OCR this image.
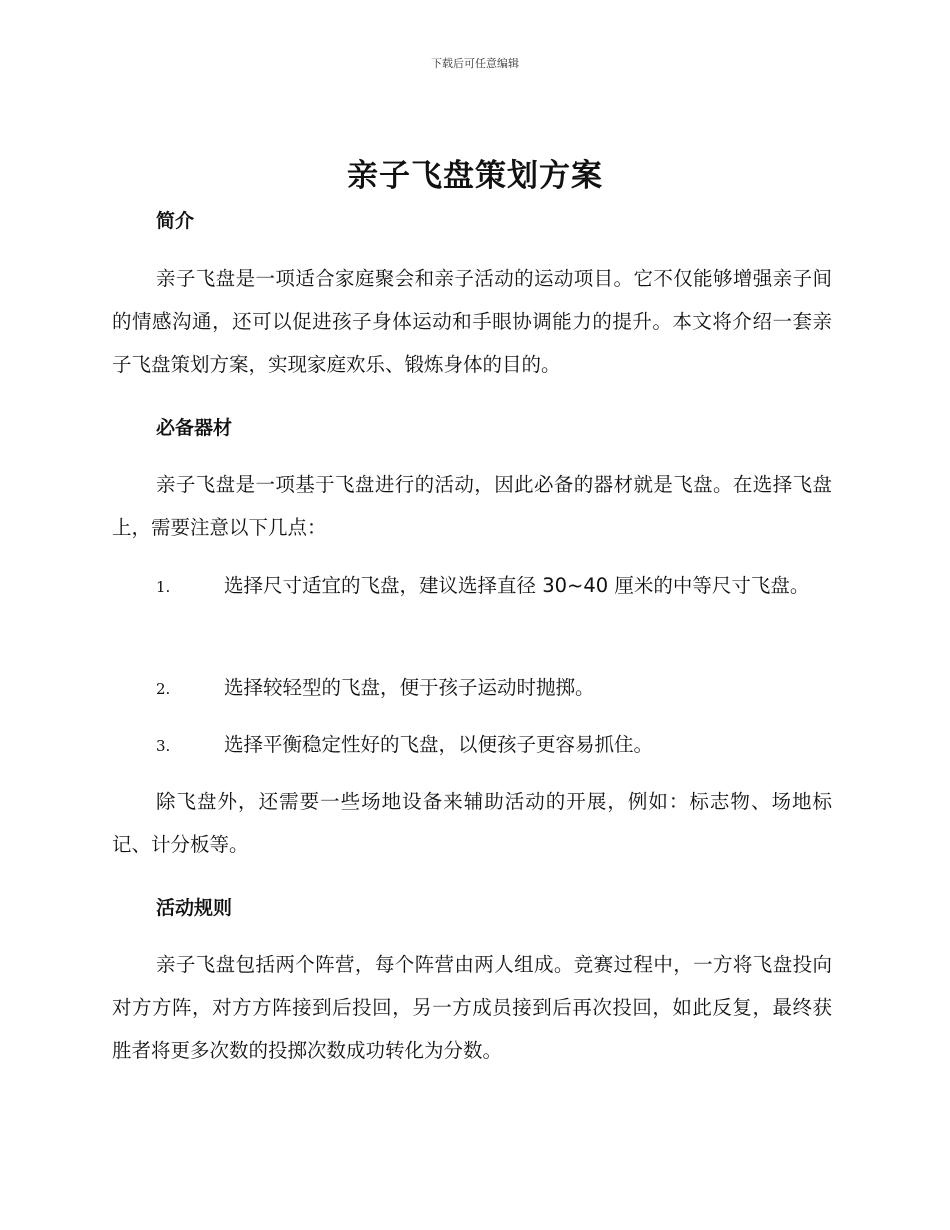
下载后可任意编辑
亲子飞盘策划方案
简介

亲子飞盘是一项适合家庭聚会和亲子活动的运动项目。它不仅能够增强亲子间的情感沟通，还可以促进孩子身体运动和手眼协调能力的提升。本文将介绍一套亲子飞盘策划方案，实现家庭欢乐、锻炼身体的目的。

必备器材

亲子飞盘是一项基于飞盘进行的活动，因此必备的器材就是飞盘。在选择飞盘上，需要注意以下几点：

1.	选择尺寸适宜的飞盘，建议选择直径 30~40 厘米的中等尺寸飞盘。
2.	选择较轻型的飞盘，便于孩子运动时抛掷。
3.	选择平衡稳定性好的飞盘，以便孩子更容易抓住。

除飞盘外，还需要一些场地设备来辅助活动的开展，例如：标志物、场地标记、计分板等。

活动规则

亲子飞盘包括两个阵营，每个阵营由两人组成。竞赛过程中，一方将飞盘投向对方方阵，对方方阵接到后投回，另一方成员接到后再次投回，如此反复，最终获胜者将更多次数的投掷次数成功转化为分数。
